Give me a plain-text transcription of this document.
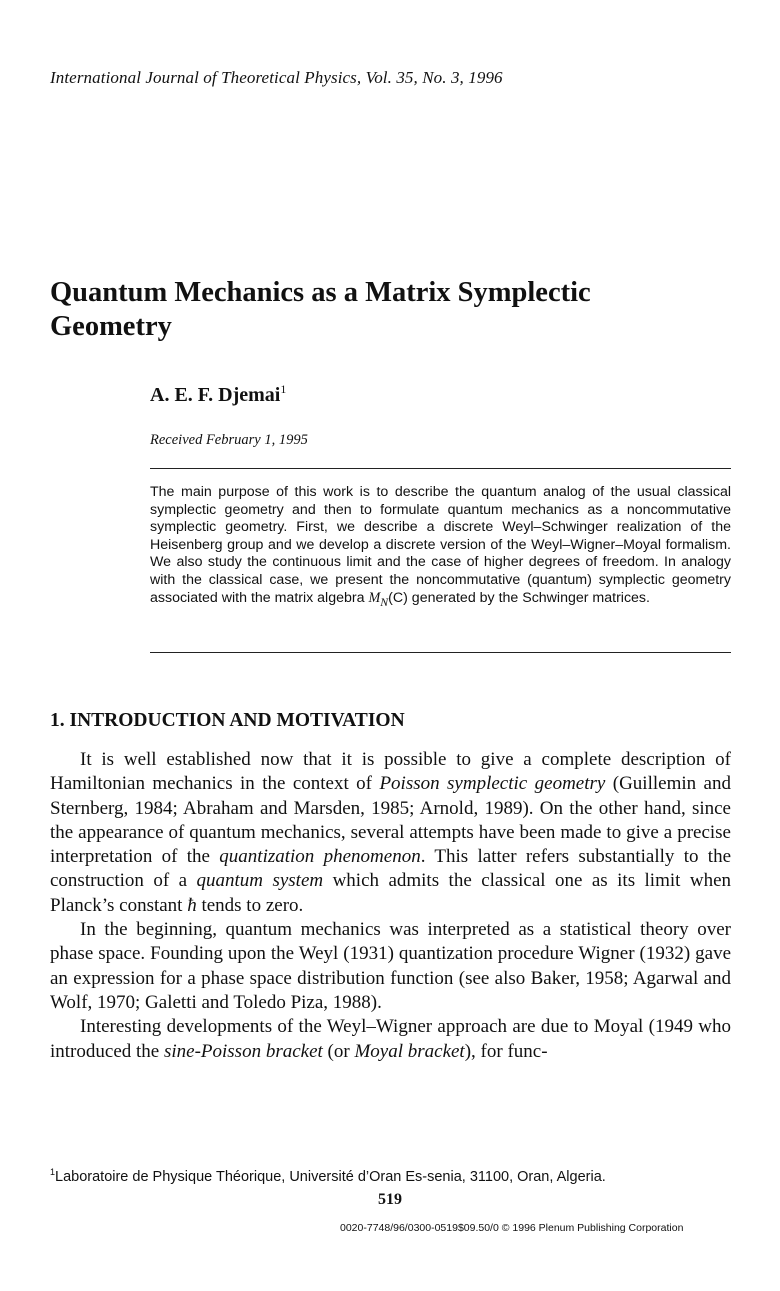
International Journal of Theoretical Physics, Vol. 35, No. 3, 1996
Quantum Mechanics as a Matrix Symplectic Geometry
A. E. F. Djemai$^1$
Received February 1, 1995
The main purpose of this work is to describe the quantum analog of the usual classical symplectic geometry and then to formulate quantum mechanics as a noncommutative symplectic geometry. First, we describe a discrete Weyl–Schwinger realization of the Heisenberg group and we develop a discrete version of the Weyl–Wigner–Moyal formalism. We also study the continuous limit and the case of higher degrees of freedom. In analogy with the classical case, we present the noncommutative (quantum) symplectic geometry associated with the matrix algebra $M_N(C)$ generated by the Schwinger matrices.
1. INTRODUCTION AND MOTIVATION

It is well established now that it is possible to give a complete description of Hamiltonian mechanics in the context of Poisson symplectic geometry (Guillemin and Sternberg, 1984; Abraham and Marsden, 1985; Arnold, 1989). On the other hand, since the appearance of quantum mechanics, several attempts have been made to give a precise interpretation of the quantization phenomenon. This latter refers substantially to the construction of a quantum system which admits the classical one as its limit when Planck’s constant ħ tends to zero.

In the beginning, quantum mechanics was interpreted as a statistical theory over phase space. Founding upon the Weyl (1931) quantization procedure Wigner (1932) gave an expression for a phase space distribution function (see also Baker, 1958; Agarwal and Wolf, 1970; Galetti and Toledo Piza, 1988).

Interesting developments of the Weyl–Wigner approach are due to Moyal (1949 who introduced the sine-Poisson bracket (or Moyal bracket), for func-

$^1$Laboratoire de Physique Théorique, Université d’Oran Es-senia, 31100, Oran, Algeria.
519
0020-7748/96/0300-0519$09.50/0 © 1996 Plenum Publishing Corporation
